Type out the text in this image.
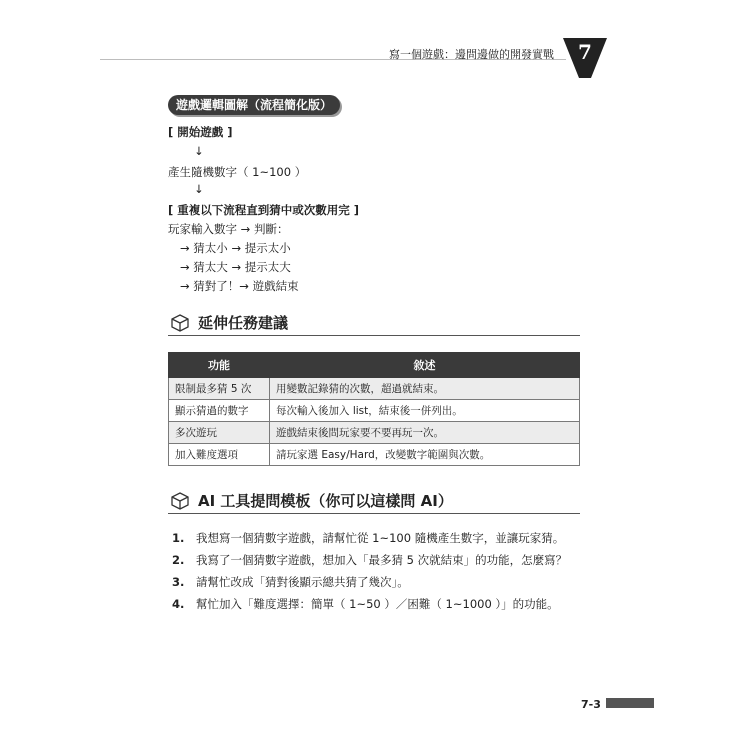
寫一個遊戲：邊問邊做的開發實戰	7
遊戲邏輯圖解（流程簡化版）
[ 開始遊戲 ]
↓
產生隨機數字（ 1~100 ）
↓
[ 重複以下流程直到猜中或次數用完 ]
玩家輸入數字 → 判斷：
→ 猜太小 → 提示太小
→ 猜太大 → 提示太大
→ 猜對了！→ 遊戲結束
延伸任務建議
功能	敘述
限制最多猜 5 次	用變數記錄猜的次數，超過就結束。
顯示猜過的數字	每次輸入後加入 list，結束後一併列出。
多次遊玩	遊戲結束後問玩家要不要再玩一次。
加入難度選項	請玩家選 Easy/Hard，改變數字範圍與次數。
AI 工具提問模板（你可以這樣問 AI）
1. 我想寫一個猜數字遊戲，請幫忙從 1~100 隨機產生數字，並讓玩家猜。
2. 我寫了一個猜數字遊戲，想加入「最多猜 5 次就結束」的功能，怎麼寫？
3. 請幫忙改成「猜對後顯示總共猜了幾次」。
4. 幫忙加入「難度選擇：簡單（ 1~50 ）／困難（ 1~1000 ）」的功能。
7-3
